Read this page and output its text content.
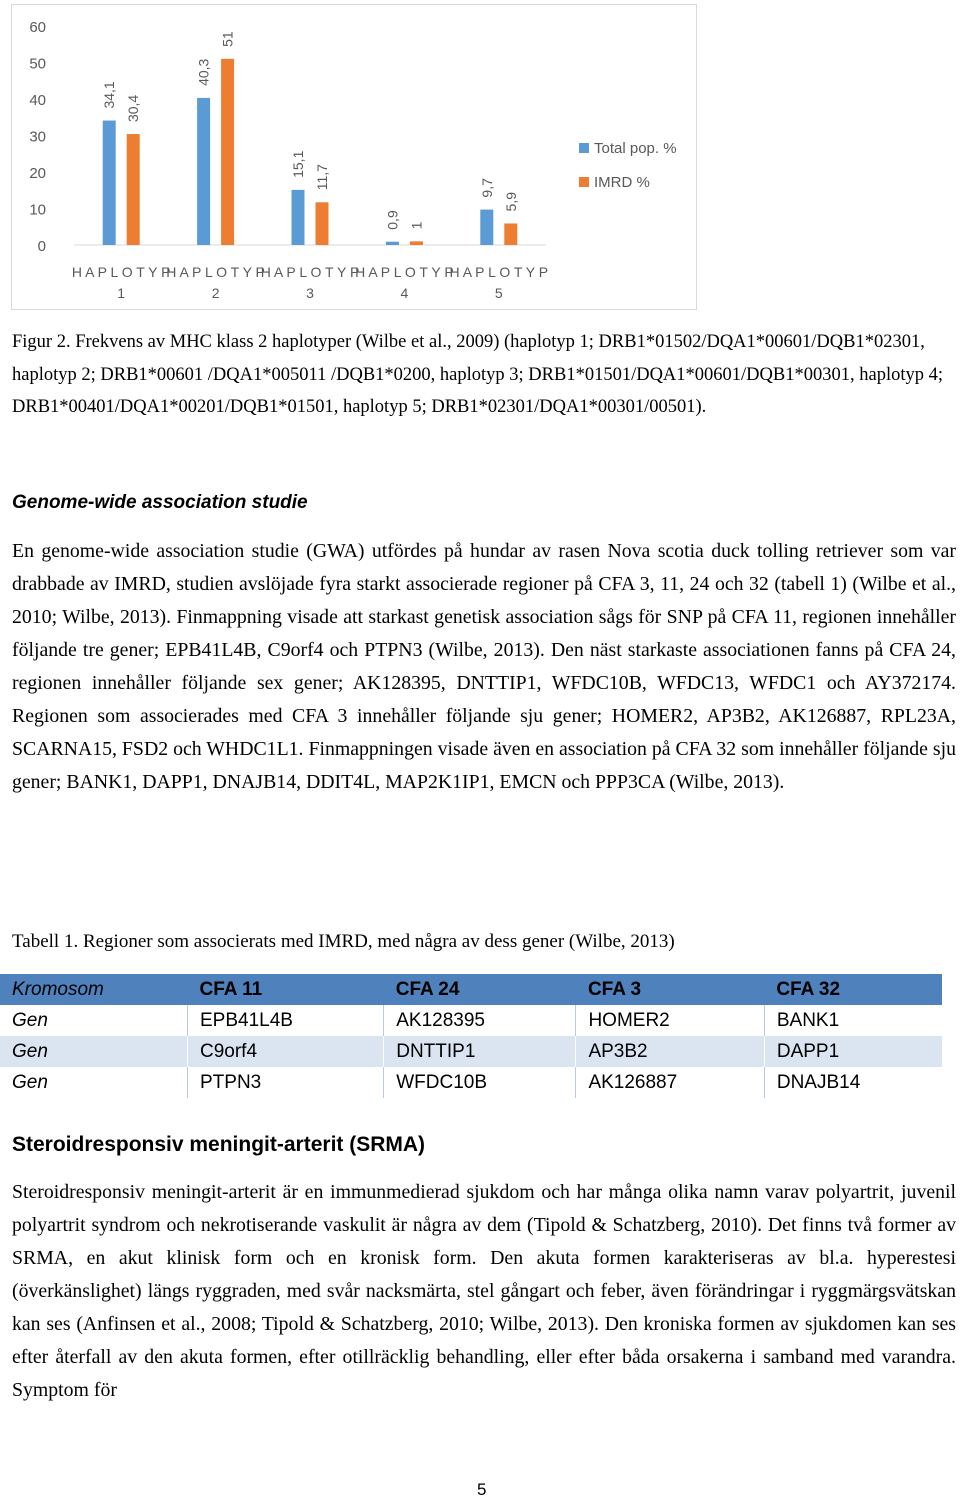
0
10
20
30
40
50
60
34,1 30,4
H A P L O T Y P
1
40,3
51
H A P L O T Y P
2
15,1 11,7
H A P L O T Y P
3
0,9 1
H A P L O T Y P
4
9,7
5,9
H A P L O T Y P
5
Total pop. %
IMRD %
Figur 2. Frekvens av MHC klass 2 haplotyper (Wilbe et al., 2009) (haplotyp 1; DRB1*01502/DQA1*00601/DQB1*02301, haplotyp 2; DRB1*00601 /DQA1*005011 /DQB1*0200, haplotyp 3; DRB1*01501/DQA1*00601/DQB1*00301, haplotyp 4; DRB1*00401/DQA1*00201/DQB1*01501, haplotyp 5; DRB1*02301/DQA1*00301/00501).
Genome-wide association studie
En genome-wide association studie (GWA) utfördes på hundar av rasen Nova scotia duck tolling retriever som var drabbade av IMRD, studien avslöjade fyra starkt associerade regioner på CFA 3, 11, 24 och 32 (tabell 1) (Wilbe et al., 2010; Wilbe, 2013). Finmappning visade att starkast genetisk association sågs för SNP på CFA 11, regionen innehåller följande tre gener; EPB41L4B, C9orf4 och PTPN3 (Wilbe, 2013). Den näst starkaste associationen fanns på CFA 24, regionen innehåller följande sex gener; AK128395, DNTTIP1, WFDC10B, WFDC13, WFDC1 och AY372174. Regionen som associerades med CFA 3 innehåller följande sju gener; HOMER2, AP3B2, AK126887, RPL23A, SCARNA15, FSD2 och WHDC1L1. Finmappningen visade även en association på CFA 32 som innehåller följande sju gener; BANK1, DAPP1, DNAJB14, DDIT4L, MAP2K1IP1, EMCN och PPP3CA (Wilbe, 2013).
Tabell 1. Regioner som associerats med IMRD, med några av dess gener (Wilbe, 2013)
Kromosom	CFA 11	CFA 24	CFA 3	CFA 32
Gen	EPB41L4B	AK128395	HOMER2	BANK1
Gen	C9orf4	DNTTIP1	AP3B2	DAPP1
Gen	PTPN3	WFDC10B	AK126887	DNAJB14
Steroidresponsiv meningit-arterit (SRMA)
Steroidresponsiv meningit-arterit är en immunmedierad sjukdom och har många olika namn varav polyartrit, juvenil polyartrit syndrom och nekrotiserande vaskulit är några av dem (Tipold & Schatzberg, 2010). Det finns två former av SRMA, en akut klinisk form och en kronisk form. Den akuta formen karakteriseras av bl.a. hyperestesi (överkänslighet) längs ryggraden, med svår nacksmärta, stel gångart och feber, även förändringar i ryggmärgsvätskan kan ses (Anfinsen et al., 2008; Tipold & Schatzberg, 2010; Wilbe, 2013). Den kroniska formen av sjukdomen kan ses efter återfall av den akuta formen, efter otillräcklig behandling, eller efter båda orsakerna i samband med varandra. Symptom för
5
